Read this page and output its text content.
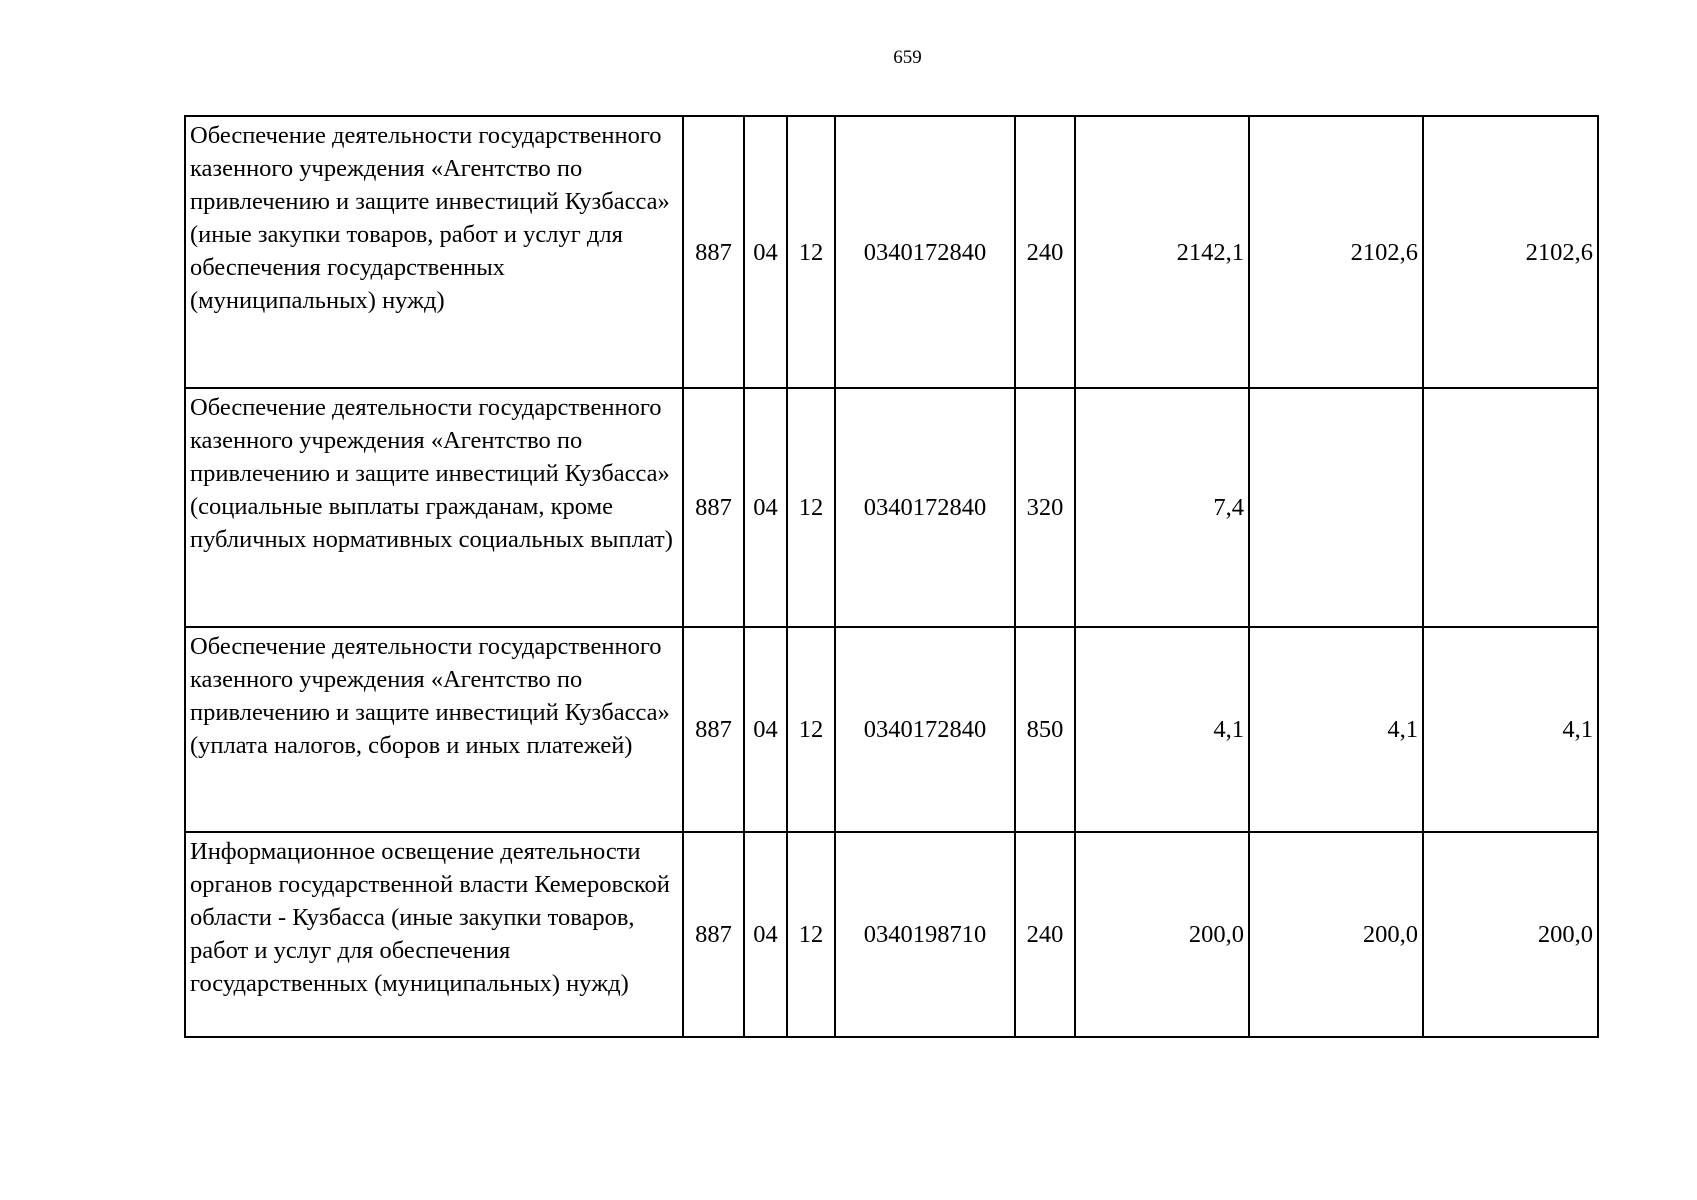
659
Обеспечение деятельности государственного казенного учреждения «Агентство по привлечению и защите инвестиций Кузбасса» (иные закупки товаров, работ и услуг для обеспечения государственных (муниципальных) нужд)	887	04	12	0340172840	240	2142,1	2102,6	2102,6
Обеспечение деятельности государственного казенного учреждения «Агентство по привлечению и защите инвестиций Кузбасса» (социальные выплаты гражданам, кроме публичных нормативных социальных выплат)	887	04	12	0340172840	320	7,4		
Обеспечение деятельности государственного казенного учреждения «Агентство по привлечению и защите инвестиций Кузбасса» (уплата налогов, сборов и иных платежей)	887	04	12	0340172840	850	4,1	4,1	4,1
Информационное освещение деятельности органов государственной власти Кемеровской области - Кузбасса (иные закупки товаров, работ и услуг для обеспечения государственных (муниципальных) нужд)	887	04	12	0340198710	240	200,0	200,0	200,0
